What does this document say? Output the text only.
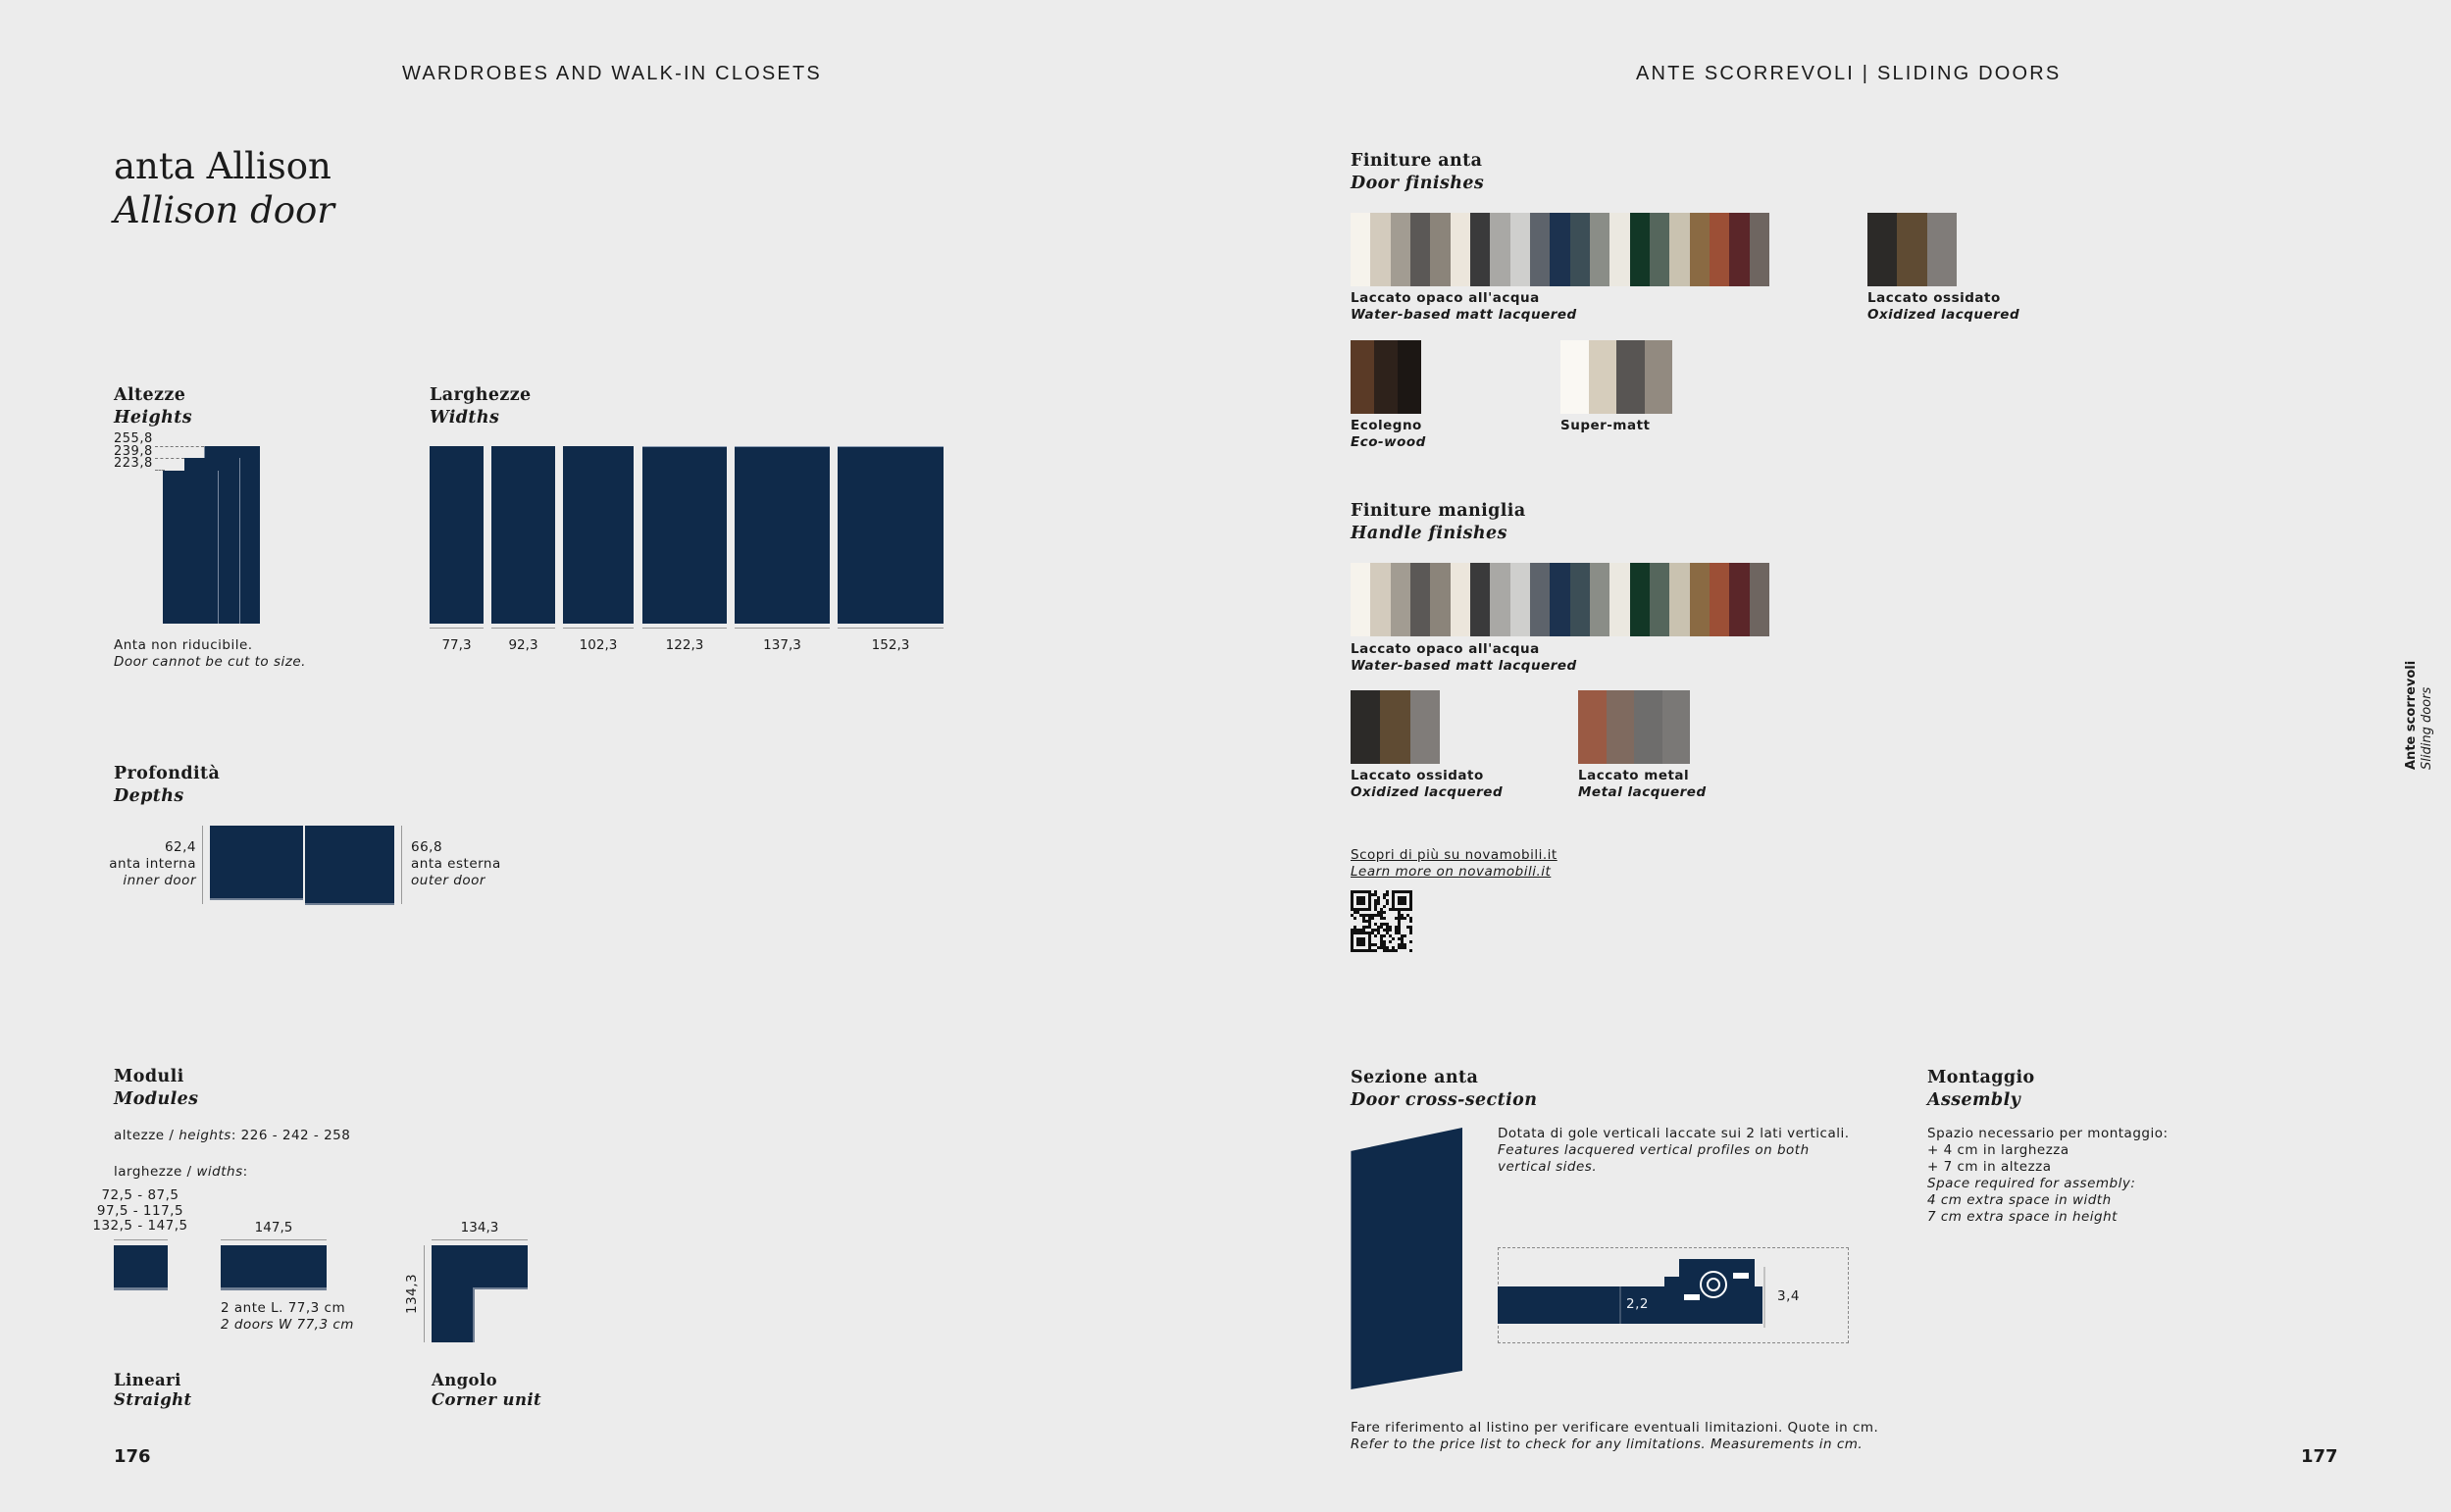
WARDROBES AND WALK-IN CLOSETS	ANTE SCORREVOLI | SLIDING DOORS
anta Allison
Allison door
Altezze
Heights
255,8
239,8
223,8
Anta non riducibile.
Door cannot be cut to size.
Larghezze
Widths
77,3	92,3	102,3	122,3	137,3	152,3
Profondità
Depths
62,4
anta interna
inner door
66,8
anta esterna
outer door
Moduli
Modules
altezze / heights: 226 - 242 - 258
larghezze / widths:
72,5 - 87,5
97,5 - 117,5
132,5 - 147,5	147,5
2 ante L. 77,3 cm
2 doors W 77,3 cm
134,3
134,3
Lineari
Straight
Angolo
Corner unit
176
Finiture anta
Door finishes
Laccato opaco all'acqua
Water-based matt lacquered
Laccato ossidato
Oxidized lacquered
Ecolegno
Eco-wood
Super-matt
Finiture maniglia
Handle finishes
Laccato opaco all'acqua
Water-based matt lacquered
Laccato ossidato
Oxidized lacquered
Laccato metal
Metal lacquered
Scopri di più su novamobili.it
Learn more on novamobili.it
Sezione anta
Door cross-section
Dotata di gole verticali laccate sui 2 lati verticali.
Features lacquered vertical profiles on both vertical sides.
2,2	3,4
Montaggio
Assembly
Spazio necessario per montaggio:
+ 4 cm in larghezza
+ 7 cm in altezza
Space required for assembly:
4 cm extra space in width
7 cm extra space in height
Fare riferimento al listino per verificare eventuali limitazioni. Quote in cm.
Refer to the price list to check for any limitations. Measurements in cm.
177
Ante scorrevoli Sliding doors
